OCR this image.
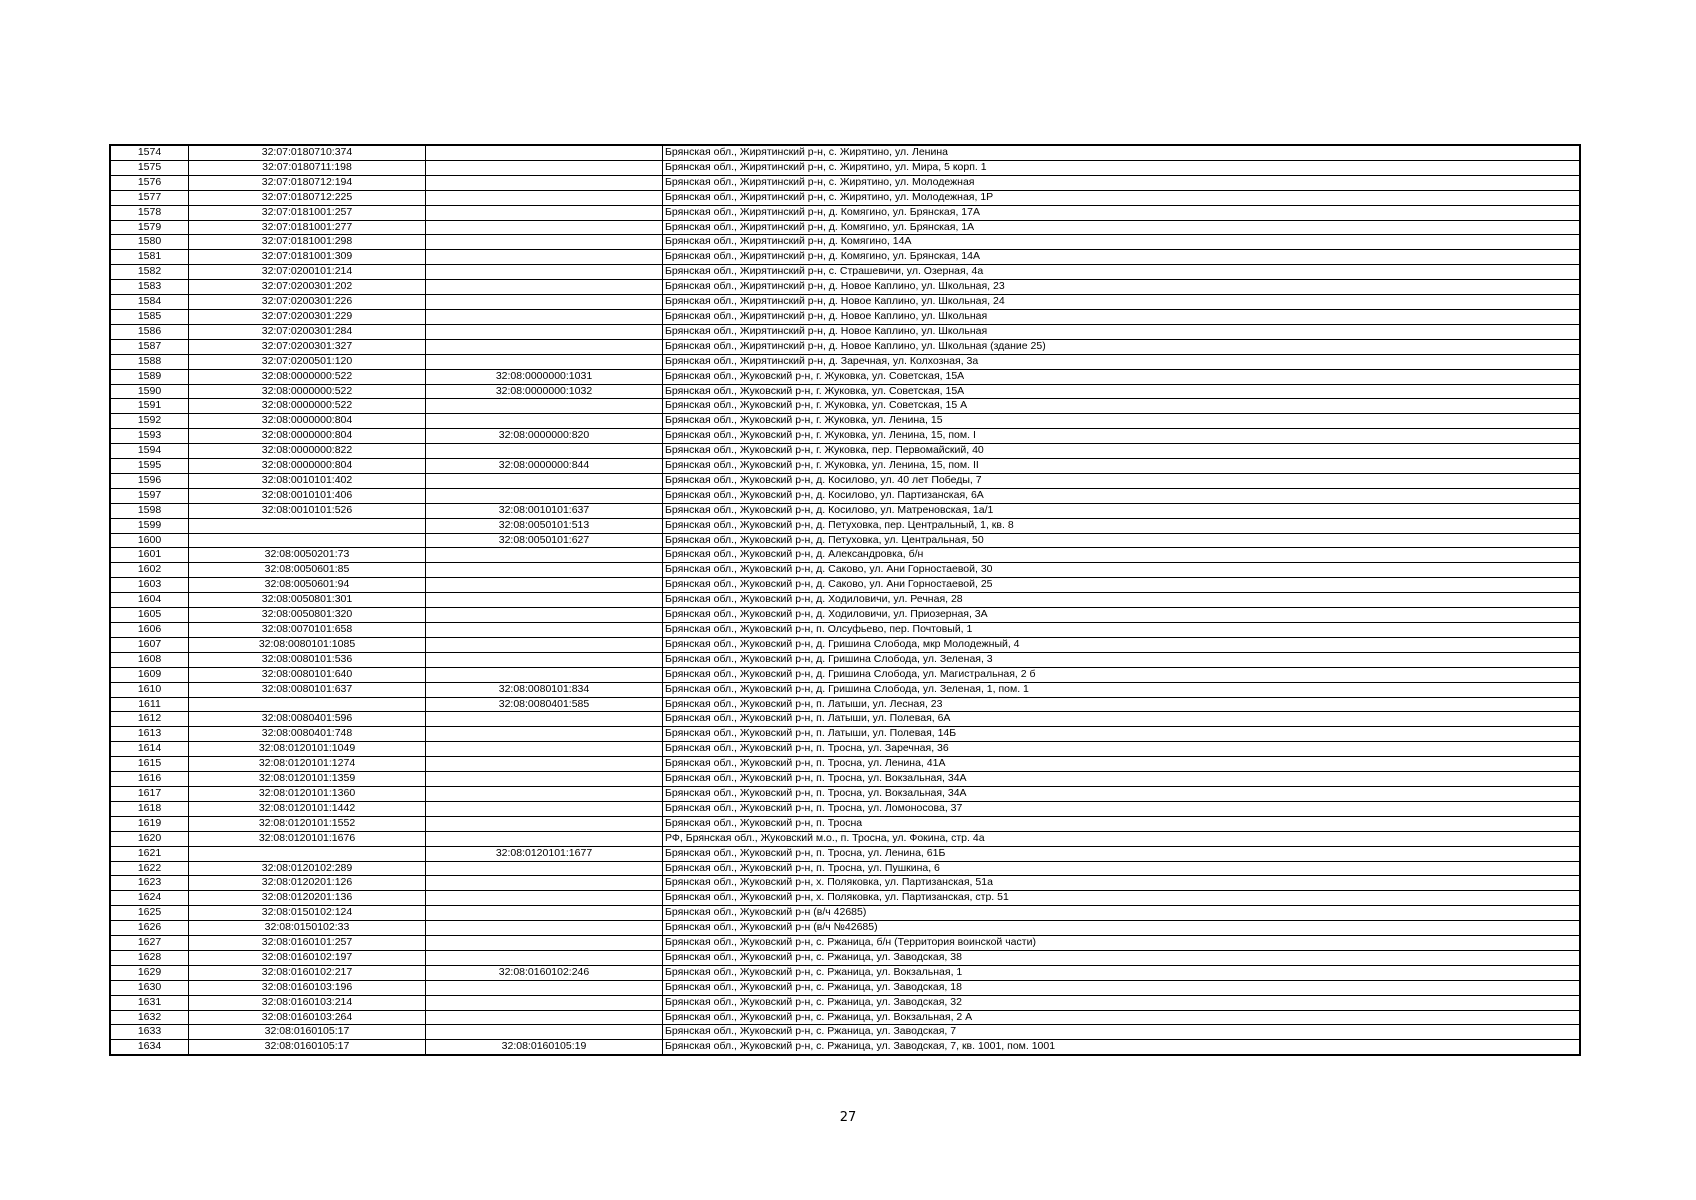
1574	32:07:0180710:374		Брянская обл., Жирятинский р-н, с. Жирятино, ул. Ленина
1575	32:07:0180711:198		Брянская обл., Жирятинский р-н, с. Жирятино, ул. Мира, 5 корп. 1
1576	32:07:0180712:194		Брянская обл., Жирятинский р-н, с. Жирятино, ул. Молодежная
1577	32:07:0180712:225		Брянская обл., Жирятинский р-н, с. Жирятино, ул. Молодежная, 1Р
1578	32:07:0181001:257		Брянская обл., Жирятинский р-н, д. Комягино, ул. Брянская, 17А
1579	32:07:0181001:277		Брянская обл., Жирятинский р-н, д. Комягино, ул. Брянская, 1А
1580	32:07:0181001:298		Брянская обл., Жирятинский р-н, д. Комягино, 14А
1581	32:07:0181001:309		Брянская обл., Жирятинский р-н, д. Комягино, ул. Брянская, 14А
1582	32:07:0200101:214		Брянская обл., Жирятинский р-н, с. Страшевичи, ул. Озерная, 4а
1583	32:07:0200301:202		Брянская обл., Жирятинский р-н, д. Новое Каплино, ул. Школьная, 23
1584	32:07:0200301:226		Брянская обл., Жирятинский р-н, д. Новое Каплино, ул. Школьная, 24
1585	32:07:0200301:229		Брянская обл., Жирятинский р-н, д. Новое Каплино, ул. Школьная
1586	32:07:0200301:284		Брянская обл., Жирятинский р-н, д. Новое Каплино, ул. Школьная
1587	32:07:0200301:327		Брянская обл., Жирятинский р-н, д. Новое Каплино, ул. Школьная (здание 25)
1588	32:07:0200501:120		Брянская обл., Жирятинский р-н, д. Заречная, ул. Колхозная, 3а
1589	32:08:0000000:522	32:08:0000000:1031	Брянская обл., Жуковский р-н, г. Жуковка, ул. Советская, 15А
1590	32:08:0000000:522	32:08:0000000:1032	Брянская обл., Жуковский р-н, г. Жуковка, ул. Советская, 15А
1591	32:08:0000000:522		Брянская обл., Жуковский р-н, г. Жуковка, ул. Советская, 15 А
1592	32:08:0000000:804		Брянская обл., Жуковский р-н, г. Жуковка, ул. Ленина, 15
1593	32:08:0000000:804	32:08:0000000:820	Брянская обл., Жуковский р-н, г. Жуковка, ул. Ленина, 15, пом. I
1594	32:08:0000000:822		Брянская обл., Жуковский р-н, г. Жуковка, пер. Первомайский, 40
1595	32:08:0000000:804	32:08:0000000:844	Брянская обл., Жуковский р-н, г. Жуковка, ул. Ленина, 15, пом. II
1596	32:08:0010101:402		Брянская обл., Жуковский р-н, д. Косилово, ул. 40 лет Победы, 7
1597	32:08:0010101:406		Брянская обл., Жуковский р-н, д. Косилово, ул. Партизанская, 6А
1598	32:08:0010101:526	32:08:0010101:637	Брянская обл., Жуковский р-н, д. Косилово, ул. Матреновская, 1а/1
1599		32:08:0050101:513	Брянская обл., Жуковский р-н, д. Петуховка, пер. Центральный, 1, кв. 8
1600		32:08:0050101:627	Брянская обл., Жуковский р-н, д. Петуховка, ул. Центральная, 50
1601	32:08:0050201:73		Брянская обл., Жуковский р-н, д. Александровка, б/н
1602	32:08:0050601:85		Брянская обл., Жуковский р-н, д. Саково, ул. Ани Горностаевой, 30
1603	32:08:0050601:94		Брянская обл., Жуковский р-н, д. Саково, ул. Ани Горностаевой, 25
1604	32:08:0050801:301		Брянская обл., Жуковский р-н, д. Ходиловичи, ул. Речная, 28
1605	32:08:0050801:320		Брянская обл., Жуковский р-н, д. Ходиловичи, ул. Приозерная, 3А
1606	32:08:0070101:658		Брянская обл., Жуковский р-н, п. Олсуфьево, пер. Почтовый, 1
1607	32:08:0080101:1085		Брянская обл., Жуковский р-н, д. Гришина Слобода, мкр Молодежный, 4
1608	32:08:0080101:536		Брянская обл., Жуковский р-н, д. Гришина Слобода, ул. Зеленая, 3
1609	32:08:0080101:640		Брянская обл., Жуковский р-н, д. Гришина Слобода, ул. Магистральная, 2 б
1610	32:08:0080101:637	32:08:0080101:834	Брянская обл., Жуковский р-н, д. Гришина Слобода, ул. Зеленая, 1, пом. 1
1611		32:08:0080401:585	Брянская обл., Жуковский р-н, п. Латыши, ул. Лесная, 23
1612	32:08:0080401:596		Брянская обл., Жуковский р-н, п. Латыши, ул. Полевая, 6А
1613	32:08:0080401:748		Брянская обл., Жуковский р-н, п. Латыши, ул. Полевая, 14Б
1614	32:08:0120101:1049		Брянская обл., Жуковский р-н, п. Тросна, ул. Заречная, 36
1615	32:08:0120101:1274		Брянская обл., Жуковский р-н, п. Тросна, ул. Ленина, 41А
1616	32:08:0120101:1359		Брянская обл., Жуковский р-н, п. Тросна, ул. Вокзальная, 34А
1617	32:08:0120101:1360		Брянская обл., Жуковский р-н, п. Тросна, ул. Вокзальная, 34А
1618	32:08:0120101:1442		Брянская обл., Жуковский р-н, п. Тросна, ул. Ломоносова, 37
1619	32:08:0120101:1552		Брянская обл., Жуковский р-н, п. Тросна
1620	32:08:0120101:1676		РФ, Брянская обл., Жуковский м.о., п. Тросна, ул. Фокина, стр. 4а
1621		32:08:0120101:1677	Брянская обл., Жуковский р-н, п. Тросна, ул. Ленина, 61Б
1622	32:08:0120102:289		Брянская обл., Жуковский р-н, п. Тросна, ул. Пушкина, 6
1623	32:08:0120201:126		Брянская обл., Жуковский р-н, х. Поляковка, ул. Партизанская, 51а
1624	32:08:0120201:136		Брянская обл., Жуковский р-н, х. Поляковка, ул. Партизанская, стр. 51
1625	32:08:0150102:124		Брянская обл., Жуковский р-н (в/ч 42685)
1626	32:08:0150102:33		Брянская обл., Жуковский р-н (в/ч №42685)
1627	32:08:0160101:257		Брянская обл., Жуковский р-н, с. Ржаница, б/н (Территория воинской части)
1628	32:08:0160102:197		Брянская обл., Жуковский р-н, с. Ржаница, ул. Заводская, 38
1629	32:08:0160102:217	32:08:0160102:246	Брянская обл., Жуковский р-н, с. Ржаница, ул. Вокзальная, 1
1630	32:08:0160103:196		Брянская обл., Жуковский р-н, с. Ржаница, ул. Заводская, 18
1631	32:08:0160103:214		Брянская обл., Жуковский р-н, с. Ржаница, ул. Заводская, 32
1632	32:08:0160103:264		Брянская обл., Жуковский р-н, с. Ржаница, ул. Вокзальная, 2 А
1633	32:08:0160105:17		Брянская обл., Жуковский р-н, с. Ржаница, ул. Заводская, 7
1634	32:08:0160105:17	32:08:0160105:19	Брянская обл., Жуковский р-н, с. Ржаница, ул. Заводская, 7, кв. 1001, пом. 1001
27
